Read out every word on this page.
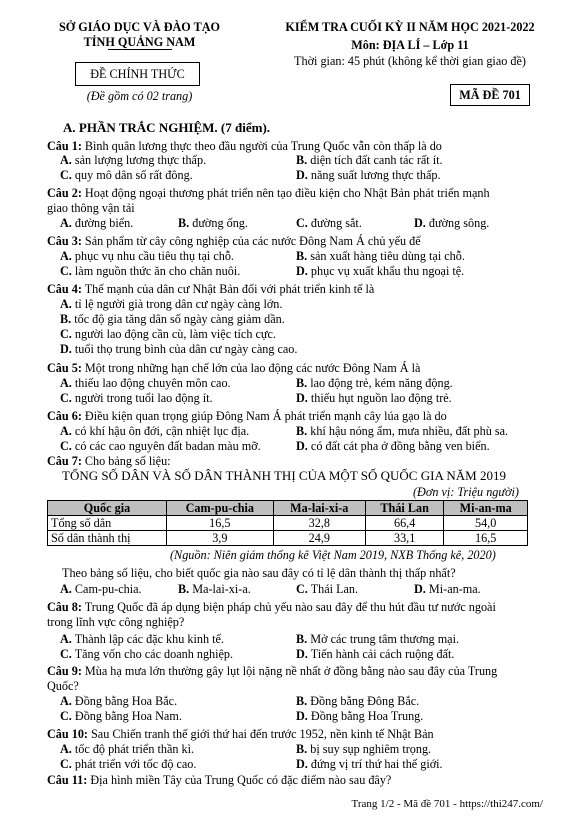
SỞ GIÁO DỤC VÀ ĐÀO TẠO
TỈNH QUẢNG NAM
ĐỀ CHÍNH THỨC
(Đề gồm có 02 trang)
KIỂM TRA CUỐI KỲ II NĂM HỌC 2021-2022
Môn: ĐỊA LÍ – Lớp 11
Thời gian: 45 phút (không kể thời gian giao đề)
MÃ ĐỀ 701
A. PHẦN TRẮC NGHIỆM. (7 điểm).
Câu 1: Bình quân lương thực theo đầu người của Trung Quốc vẫn còn thấp là do
A. sản lượng lương thực thấp.	B. diện tích đất canh tác rất ít.
C. quy mô dân số rất đông.	D. năng suất lương thực thấp.
Câu 2: Hoạt động ngoại thương phát triển nên tạo điều kiện cho Nhật Bản phát triển mạnh
giao thông vận tải
A. đường biển.	B. đường ống.	C. đường sắt.	D. đường sông.
Câu 3: Sản phẩm từ cây công nghiệp của các nước Đông Nam Á chủ yếu để
A. phục vụ nhu cầu tiêu thụ tại chỗ.	B. sản xuất hàng tiêu dùng tại chỗ.
C. làm nguồn thức ăn cho chăn nuôi.	D. phục vụ xuất khẩu thu ngoại tệ.
Câu 4: Thế mạnh của dân cư Nhật Bản đối với phát triển kinh tế là
A. tỉ lệ người già trong dân cư ngày càng lớn.
B. tốc độ gia tăng dân số ngày càng giảm dần.
C. người lao động cần cù, làm việc tích cực.
D. tuổi thọ trung bình của dân cư ngày càng cao.
Câu 5: Một trong những hạn chế lớn của lao động các nước Đông Nam Á là
A. thiếu lao động chuyên môn cao.	B. lao động trẻ, kém năng động.
C. người trong tuổi lao động ít.	D. thiếu hụt nguồn lao động trẻ.
Câu 6: Điều kiện quan trọng giúp Đông Nam Á phát triển mạnh cây lúa gạo là do
A. có khí hậu ôn đới, cận nhiệt lục địa.	B. khí hậu nóng ẩm, mưa nhiều, đất phù sa.
C. có các cao nguyên đất badan màu mỡ.	D. có đất cát pha ở đồng bằng ven biển.
Câu 7: Cho bảng số liệu:
TỔNG SỐ DÂN VÀ SỐ DÂN THÀNH THỊ CỦA MỘT SỐ QUỐC GIA NĂM 2019
(Đơn vị: Triệu người)
Quốc gia	Cam-pu-chia	Ma-lai-xi-a	Thái Lan	Mi-an-ma
Tổng số dân	16,5	32,8	66,4	54,0
Số dân thành thị	3,9	24,9	33,1	16,5
(Nguồn: Niên giám thống kê Việt Nam 2019, NXB Thống kê, 2020)
Theo bảng số liệu, cho biết quốc gia nào sau đây có tỉ lệ dân thành thị thấp nhất?
A. Cam-pu-chia.	B. Ma-lai-xi-a.	C. Thái Lan.	D. Mi-an-ma.
Câu 8: Trung Quốc đã áp dụng biện pháp chủ yếu nào sau đây để thu hút đầu tư nước ngoài
trong lĩnh vực công nghiệp?
A. Thành lập các đặc khu kinh tế.	B. Mở các trung tâm thương mại.
C. Tăng vốn cho các doanh nghiệp.	D. Tiến hành cải cách ruộng đất.
Câu 9: Mùa hạ mưa lớn thường gây lụt lội nặng nề nhất ở đồng bằng nào sau đây của Trung
Quốc?
A. Đồng bằng Hoa Bắc.	B. Đồng bằng Đông Bắc.
C. Đồng bằng Hoa Nam.	D. Đồng bằng Hoa Trung.
Câu 10: Sau Chiến tranh thế giới thứ hai đến trước 1952, nền kinh tế Nhật Bản
A. tốc độ phát triển thần kì.	B. bị suy sụp nghiêm trọng.
C. phát triển với tốc độ cao.	D. đứng vị trí thứ hai thế giới.
Câu 11: Địa hình miền Tây của Trung Quốc có đặc điểm nào sau đây?
Trang 1/2 - Mã đề 701 - https://thi247.com/
